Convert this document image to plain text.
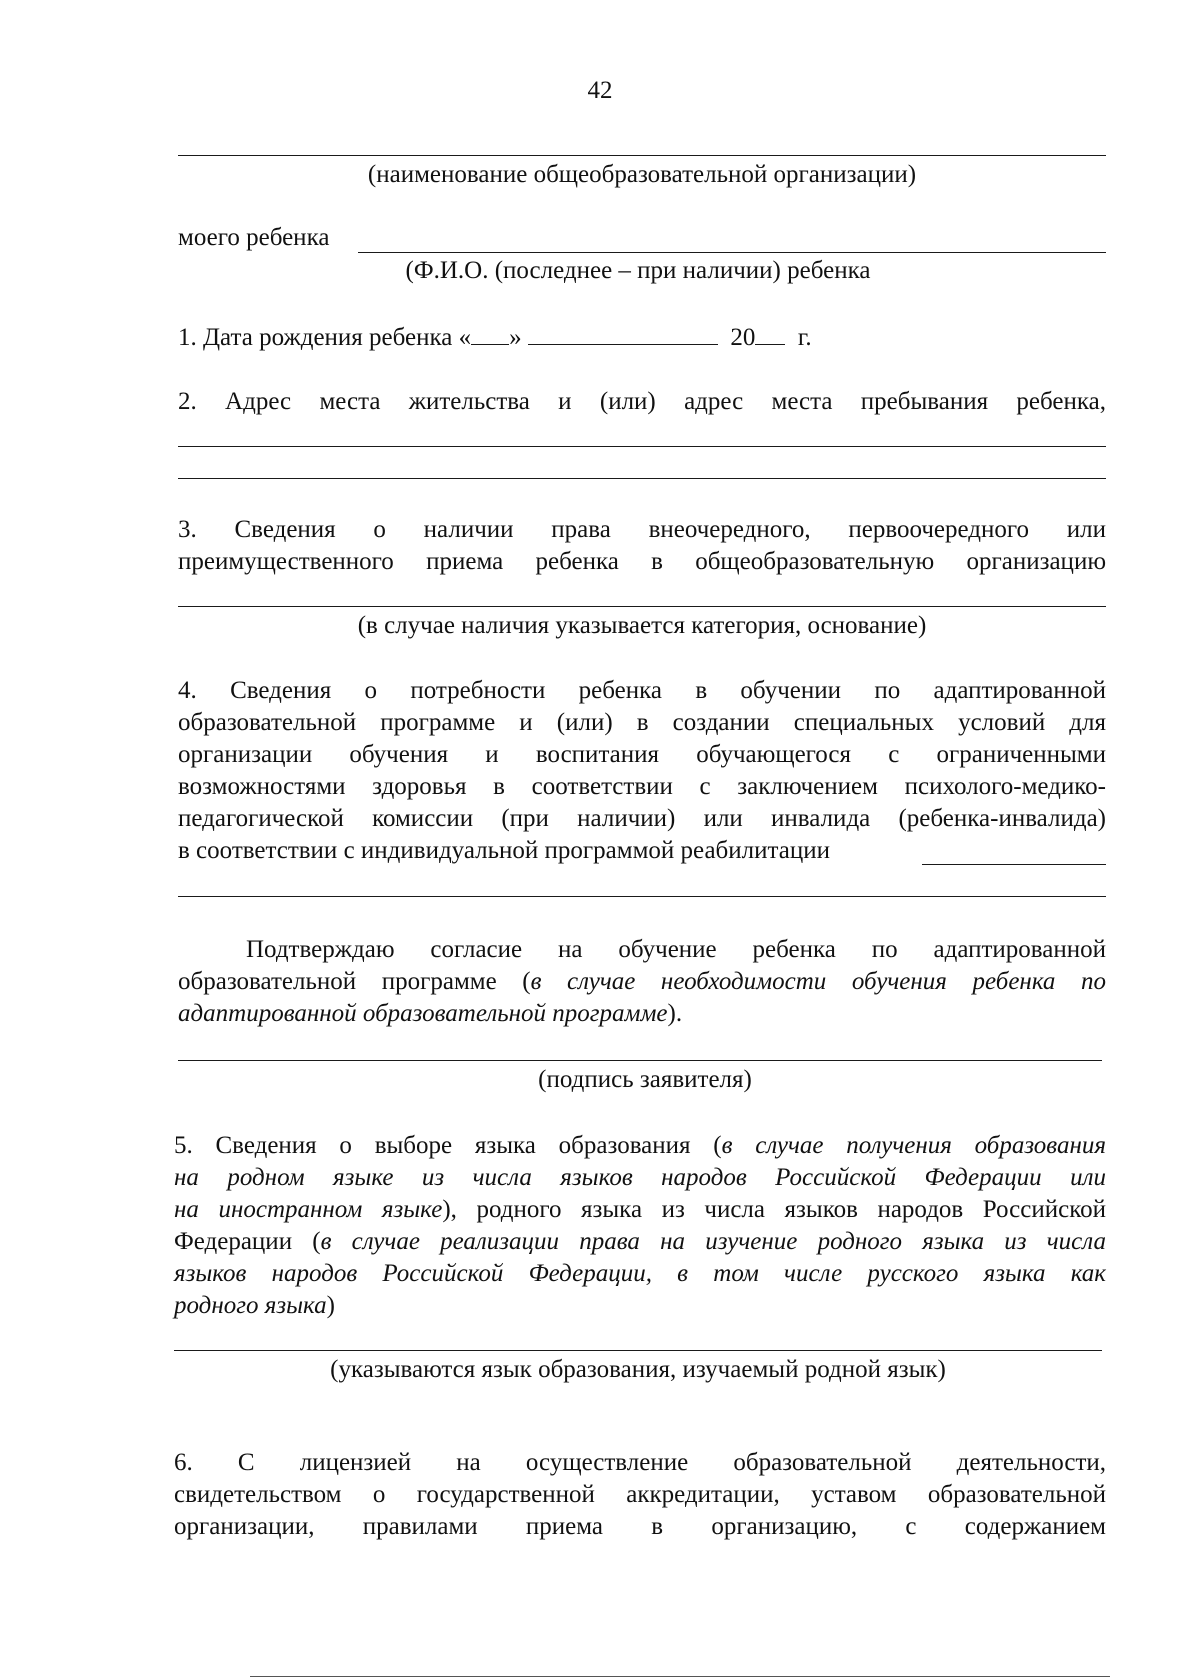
42
(наименование общеобразовательной организации)
моего ребенка
(Ф.И.О. (последнее – при наличии) ребенка
1. Дата рождения ребенка « »	20 г.
2. Адрес места жительства и (или) адрес места пребывания ребенка,
3. Сведения о наличии права внеочередного, первоочередного или
преимущественного приема ребенка в общеобразовательную организацию
(в случае наличия указывается категория, основание)
4. Сведения о потребности ребенка в обучении по адаптированной
образовательной программе и (или) в создании специальных условий для
организации обучения и воспитания обучающегося с ограниченными
возможностями здоровья в соответствии с заключением психолого-медико-
педагогической комиссии (при наличии) или инвалида (ребенка-инвалида)
в соответствии с индивидуальной программой реабилитации
Подтверждаю согласие на обучение ребенка по адаптированной
образовательной программе (в случае необходимости обучения ребенка по
адаптированной образовательной программе).
(подпись заявителя)
5. Сведения о выборе языка образования (в случае получения образования
на родном языке из числа языков народов Российской Федерации или
на иностранном языке), родного языка из числа языков народов Российской
Федерации (в случае реализации права на изучение родного языка из числа
языков народов Российской Федерации, в том числе русского языка как
родного языка)
(указываются язык образования, изучаемый родной язык)
6. С лицензией на осуществление образовательной деятельности,
свидетельством о государственной аккредитации, уставом образовательной
организации, правилами приема в организацию, с содержанием
